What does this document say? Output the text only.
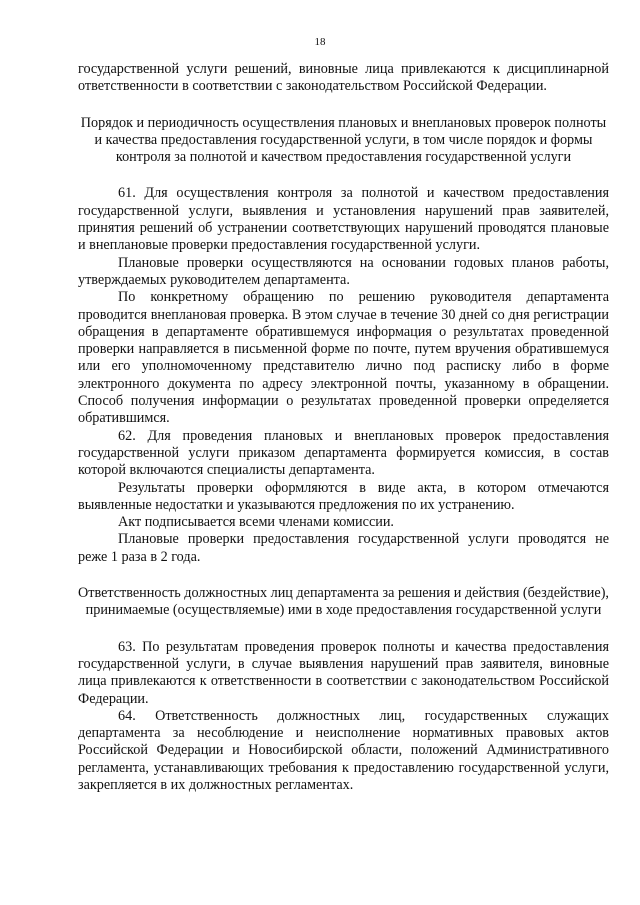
18

государственной услуги решений, виновные лица привлекаются к дисциплинарной ответственности в соответствии с законодательством Российской Федерации.

Порядок и периодичность осуществления плановых и внеплановых проверок полноты и качества предоставления государственной услуги, в том числе порядок и формы контроля за полнотой и качеством предоставления государственной услуги

61. Для осуществления контроля за полнотой и качеством предоставления государственной услуги, выявления и установления нарушений прав заявителей, принятия решений об устранении соответствующих нарушений проводятся плановые и внеплановые проверки предоставления государственной услуги.

Плановые проверки осуществляются на основании годовых планов работы, утверждаемых руководителем департамента.

По конкретному обращению по решению руководителя департамента проводится внеплановая проверка. В этом случае в течение 30 дней со дня регистрации обращения в департаменте обратившемуся информация о результатах проведенной проверки направляется в письменной форме по почте, путем вручения обратившемуся или его уполномоченному представителю лично под расписку либо в форме электронного документа по адресу электронной почты, указанному в обращении. Способ получения информации о результатах проведенной проверки определяется обратившимся.

62. Для проведения плановых и внеплановых проверок предоставления государственной услуги приказом департамента формируется комиссия, в состав которой включаются специалисты департамента.

Результаты проверки оформляются в виде акта, в котором отмечаются выявленные недостатки и указываются предложения по их устранению.

Акт подписывается всеми членами комиссии.

Плановые проверки предоставления государственной услуги проводятся не реже 1 раза в 2 года.

Ответственность должностных лиц департамента за решения и действия (бездействие), принимаемые (осуществляемые) ими в ходе предоставления государственной услуги

63. По результатам проведения проверок полноты и качества предоставления государственной услуги, в случае выявления нарушений прав заявителя, виновные лица привлекаются к ответственности в соответствии с законодательством Российской Федерации.

64. Ответственность должностных лиц, государственных служащих департамента за несоблюдение и неисполнение нормативных правовых актов Российской Федерации и Новосибирской области, положений Административного регламента, устанавливающих требования к предоставлению государственной услуги, закрепляется в их должностных регламентах.
